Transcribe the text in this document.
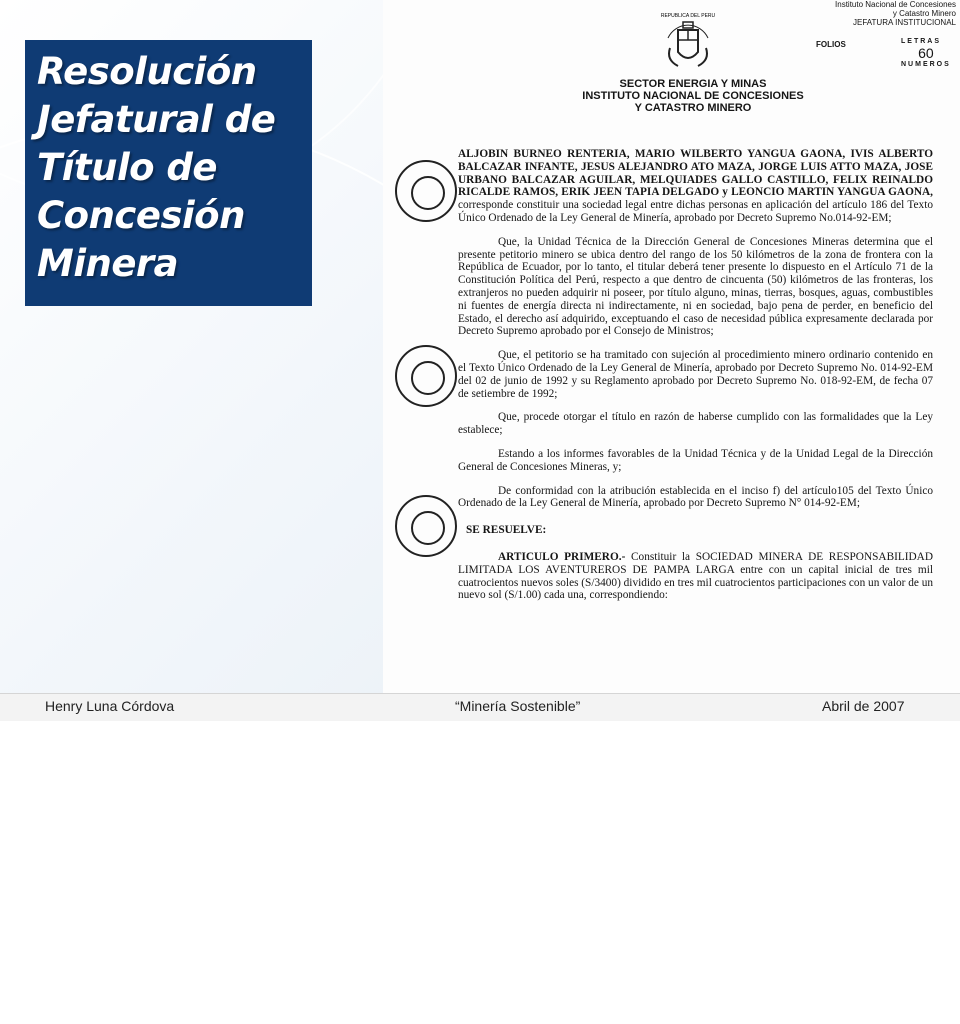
Resolución
Jefatural de
Título de
Concesión
Minera
Instituto Nacional de Concesiones
y Catastro Minero
JEFATURA INSTITUCIONAL
FOLIOS	LETRAS
60
NUMEROS
REPUBLICA DEL PERU
SECTOR ENERGIA Y MINAS
INSTITUTO NACIONAL DE CONCESIONES
Y CATASTRO MINERO

ALJOBIN BURNEO RENTERIA, MARIO WILBERTO YANGUA GAONA, IVIS ALBERTO BALCAZAR INFANTE, JESUS ALEJANDRO ATO MAZA, JORGE LUIS ATTO MAZA, JOSE URBANO BALCAZAR AGUILAR, MELQUIADES GALLO CASTILLO, FELIX REINALDO RICALDE RAMOS, ERIK JEEN TAPIA DELGADO y LEONCIO MARTIN YANGUA GAONA, corresponde constituir una sociedad legal entre dichas personas en aplicación del artículo 186 del Texto Único Ordenado de la Ley General de Minería, aprobado por Decreto Supremo No.014-92-EM;

Que, la Unidad Técnica de la Dirección General de Concesiones Mineras determina que el presente petitorio minero se ubica dentro del rango de los 50 kilómetros de la zona de frontera con la República de Ecuador, por lo tanto, el titular deberá tener presente lo dispuesto en el Artículo 71 de la Constitución Política del Perú, respecto a que dentro de cincuenta (50) kilómetros de las fronteras, los extranjeros no pueden adquirir ni poseer, por título alguno, minas, tierras, bosques, aguas, combustibles ni fuentes de energía directa ni indirectamente, ni en sociedad, bajo pena de perder, en beneficio del Estado, el derecho así adquirido, exceptuando el caso de necesidad pública expresamente declarada por Decreto Supremo aprobado por el Consejo de Ministros;

Que, el petitorio se ha tramitado con sujeción al procedimiento minero ordinario contenido en el Texto Único Ordenado de la Ley General de Minería, aprobado por Decreto Supremo No. 014-92-EM del 02 de junio de 1992 y su Reglamento aprobado por Decreto Supremo No. 018-92-EM, de fecha 07 de setiembre de 1992;

Que, procede otorgar el título en razón de haberse cumplido con las formalidades que la Ley establece;

Estando a los informes favorables de la Unidad Técnica y de la Unidad Legal de la Dirección General de Concesiones Mineras, y;

De conformidad con la atribución establecida en el inciso f) del artículo105 del Texto Único Ordenado de la Ley General de Minería, aprobado por Decreto Supremo N° 014-92-EM;

SE RESUELVE:

ARTICULO PRIMERO.- Constituir la SOCIEDAD MINERA DE RESPONSABILIDAD LIMITADA LOS AVENTUREROS DE PAMPA LARGA entre con un capital inicial de tres mil cuatrocientos nuevos soles (S/3400) dividido en tres mil cuatrocientos participaciones con un valor de un nuevo sol (S/1.00) cada una, correspondiendo:

Henry Luna Córdova	“Minería Sostenible”	Abril de 2007
